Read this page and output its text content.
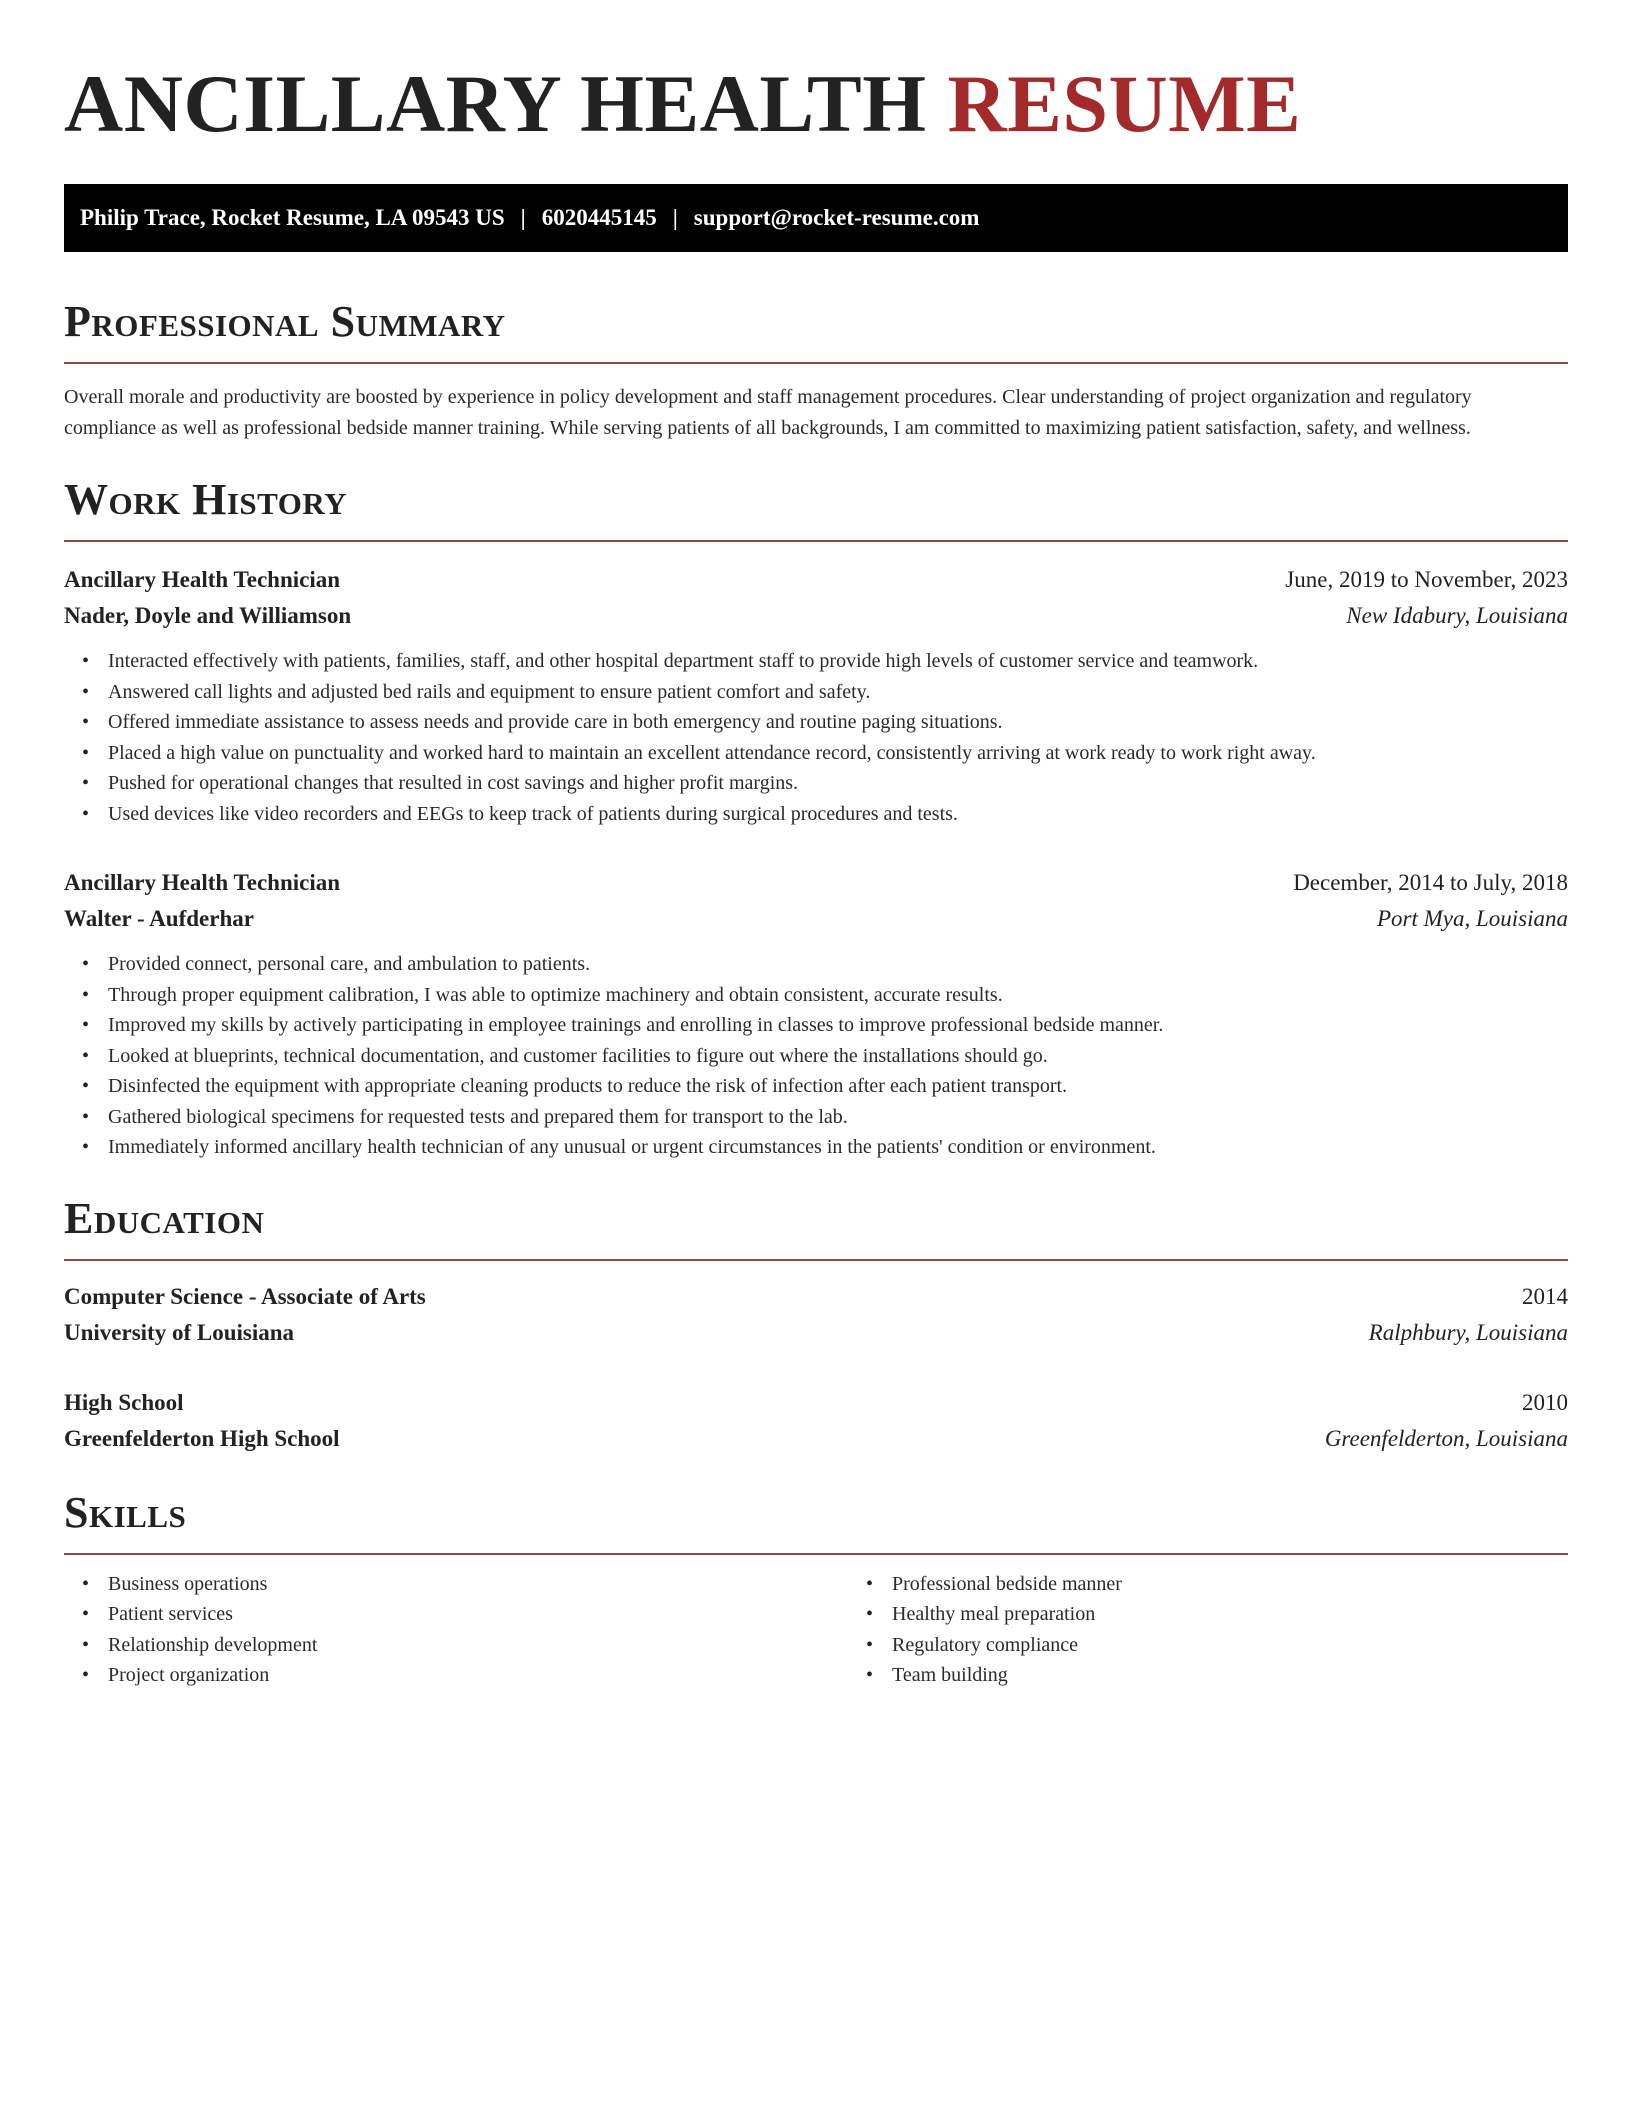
ANCILLARY HEALTH RESUME
Philip Trace, Rocket Resume, LA 09543 US | 6020445145 | support@rocket-resume.com
Professional Summary

Overall morale and productivity are boosted by experience in policy development and staff management procedures. Clear understanding of project organization and regulatory compliance as well as professional bedside manner training. While serving patients of all backgrounds, I am committed to maximizing patient satisfaction, safety, and wellness.

Work History
Ancillary Health Technician	June, 2019 to November, 2023
Nader, Doyle and Williamson	New Idabury, Louisiana
• Interacted effectively with patients, families, staff, and other hospital department staff to provide high levels of customer service and teamwork.
• Answered call lights and adjusted bed rails and equipment to ensure patient comfort and safety.
• Offered immediate assistance to assess needs and provide care in both emergency and routine paging situations.
• Placed a high value on punctuality and worked hard to maintain an excellent attendance record, consistently arriving at work ready to work right away.
• Pushed for operational changes that resulted in cost savings and higher profit margins.
• Used devices like video recorders and EEGs to keep track of patients during surgical procedures and tests.
Ancillary Health Technician	December, 2014 to July, 2018
Walter - Aufderhar	Port Mya, Louisiana
• Provided connect, personal care, and ambulation to patients.
• Through proper equipment calibration, I was able to optimize machinery and obtain consistent, accurate results.
• Improved my skills by actively participating in employee trainings and enrolling in classes to improve professional bedside manner.
• Looked at blueprints, technical documentation, and customer facilities to figure out where the installations should go.
• Disinfected the equipment with appropriate cleaning products to reduce the risk of infection after each patient transport.
• Gathered biological specimens for requested tests and prepared them for transport to the lab.
• Immediately informed ancillary health technician of any unusual or urgent circumstances in the patients' condition or environment.
Education
Computer Science - Associate of Arts	2014
University of Louisiana	Ralphbury, Louisiana
High School	2010
Greenfelderton High School	Greenfelderton, Louisiana
Skills
• Business operations
• Patient services
• Relationship development
• Project organization
• Professional bedside manner
• Healthy meal preparation
• Regulatory compliance
• Team building
